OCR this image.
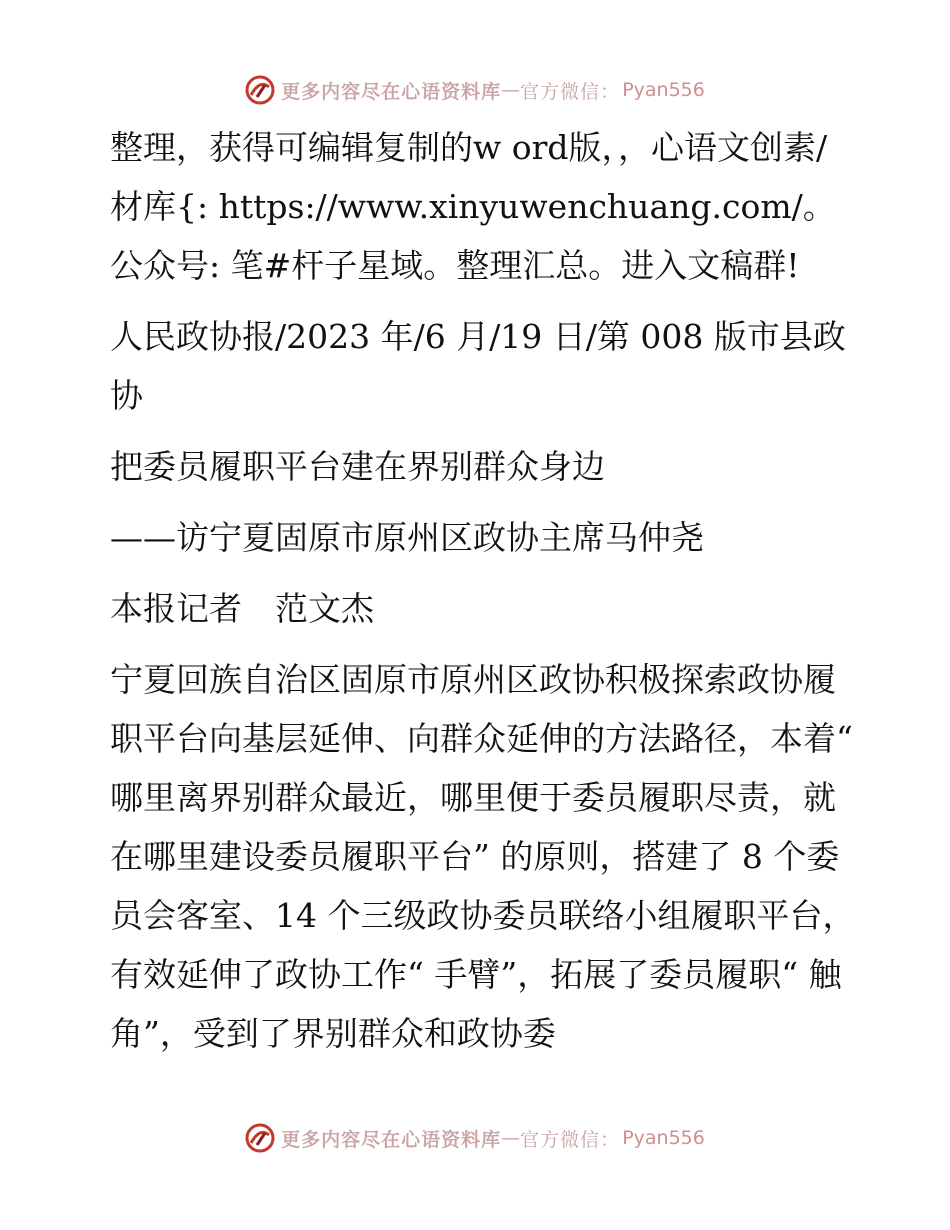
更多内容尽在心语资料库 — 官方微信： Pyan556

整理，获得可编辑复制的w ord版，，心语文创素/材库{: https://www.xinyuwenchuang.com/。公众号: 笔#杆子星域。整理汇总。进入文稿群!

人民政协报/2023 年/6 月/19 日/第 008 版市县政协

把委员履职平台建在界别群众身边

——访宁夏固原市原州区政协主席马仲尧

本报记者　范文杰

宁夏回族自治区固原市原州区政协积极探索政协履职平台向基层延伸、向群众延伸的方法路径，本着“ 哪里离界别群众最近，哪里便于委员履职尽责，就在哪里建设委员履职平台” 的原则，搭建了 8 个委员会客室、14 个三级政协委员联络小组履职平台，有效延伸了政协工作“ 手臂”，拓展了委员履职“ 触角”，受到了界别群众和政协委

更多内容尽在心语资料库 — 官方微信： Pyan556
